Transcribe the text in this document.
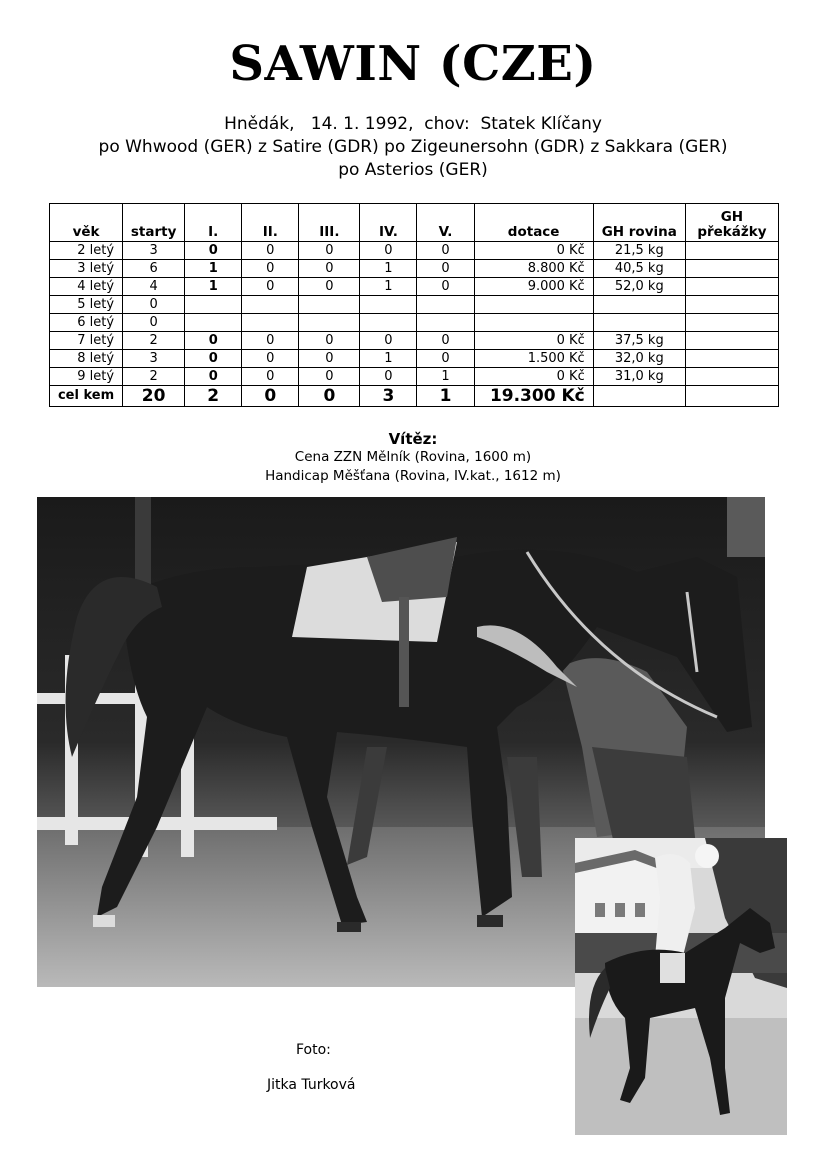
SAWIN (CZE)
Hnědák,   14. 1. 1992,  chov:  Statek Klíčany
po Whwood (GER) z Satire (GDR) po Zigeunersohn (GDR) z Sakkara (GER)
po Asterios (GER)
věk	starty	I.	II.	III.	IV.	V.	dotace	GH rovina	GH překážky
2 letý	3	0	0	0	0	0	0 Kč	21,5 kg	
3 letý	6	1	0	0	1	0	8.800 Kč	40,5 kg	
4 letý	4	1	0	0	1	0	9.000 Kč	52,0 kg	
5 letý	0								
6 letý	0								
7 letý	2	0	0	0	0	0	0 Kč	37,5 kg	
8 letý	3	0	0	0	1	0	1.500 Kč	32,0 kg	
9 letý	2	0	0	0	0	1	0 Kč	31,0 kg	
cel kem	20	2	0	0	3	1	19.300 Kč		
Vítěz:
Cena ZZN Mělník (Rovina, 1600 m)
Handicap Měšťana (Rovina, IV.kat., 1612 m)
Foto:
Jitka Turková
